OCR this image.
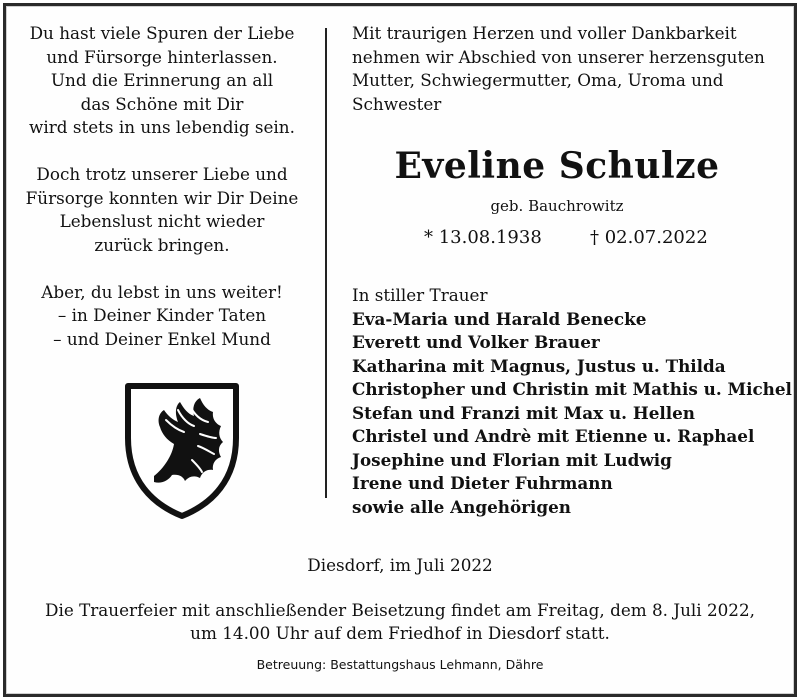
Du hast viele Spuren der Liebe
und Fürsorge hinterlassen.
Und die Erinnerung an all
das Schöne mit Dir
wird stets in uns lebendig sein.
Doch trotz unserer Liebe und
Fürsorge konnten wir Dir Deine
Lebenslust nicht wieder
zurück bringen.
Aber, du lebst in uns weiter!
– in Deiner Kinder Taten
– und Deiner Enkel Mund
Mit traurigen Herzen und voller Dankbarkeit
nehmen wir Abschied von unserer herzensguten
Mutter, Schwiegermutter, Oma, Uroma und
Schwester
Eveline Schulze
geb. Bauchrowitz
* 13.08.1938	† 02.07.2022
In stiller Trauer
Eva-Maria und Harald Benecke
Everett und Volker Brauer
Katharina mit Magnus, Justus u. Thilda
Christopher und Christin mit Mathis u. Michel
Stefan und Franzi mit Max u. Hellen
Christel und Andrè mit Etienne u. Raphael
Josephine und Florian mit Ludwig
Irene und Dieter Fuhrmann
sowie alle Angehörigen
Diesdorf, im Juli 2022
Die Trauerfeier mit anschließender Beisetzung findet am Freitag, dem 8. Juli 2022,
um 14.00 Uhr auf dem Friedhof in Diesdorf statt.
Betreuung: Bestattungshaus Lehmann, Dähre
